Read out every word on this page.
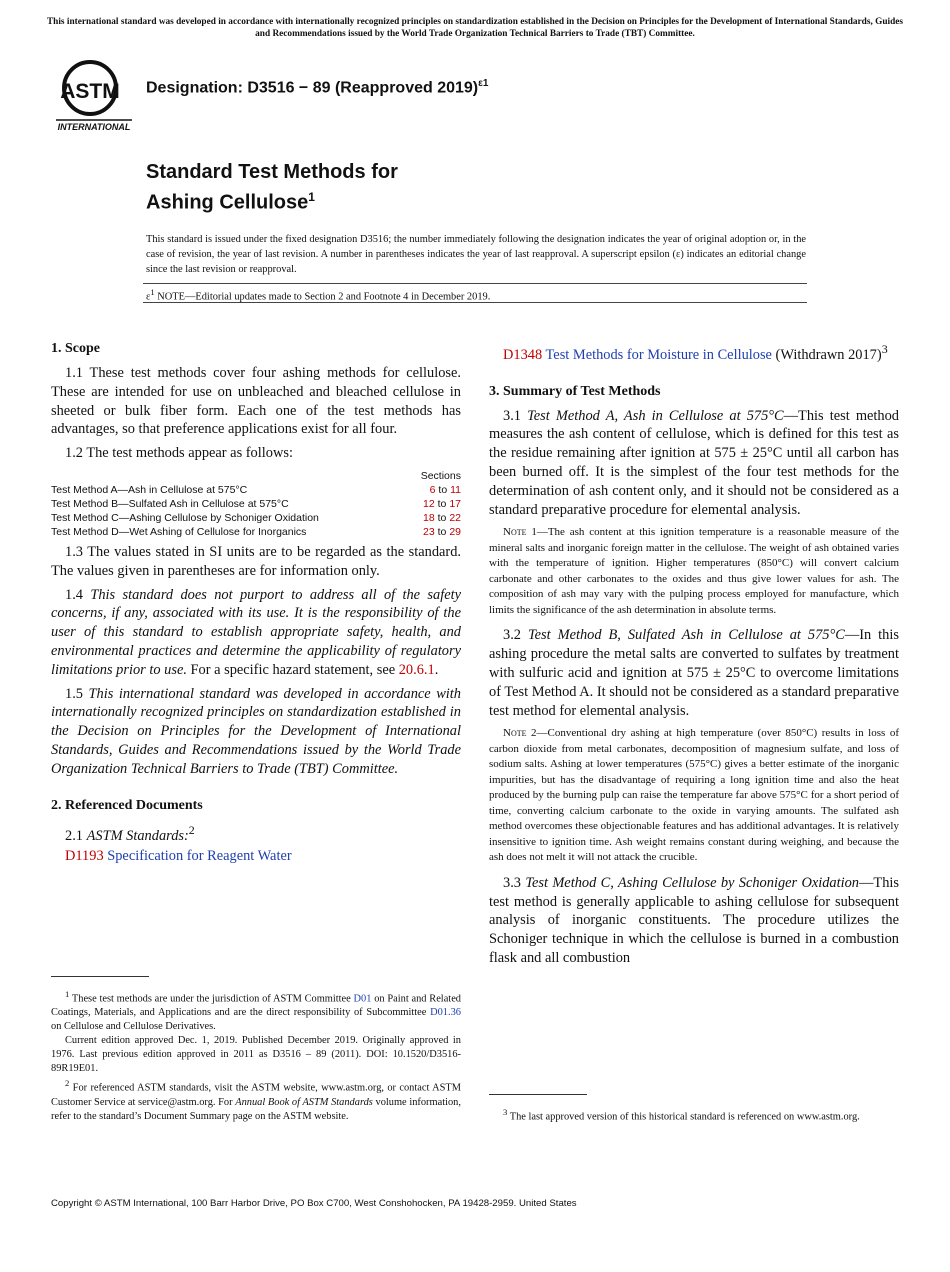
This international standard was developed in accordance with internationally recognized principles on standardization established in the Decision on Principles for the Development of International Standards, Guides and Recommendations issued by the World Trade Organization Technical Barriers to Trade (TBT) Committee.
ASTM
INTERNATIONAL
Designation: D3516 − 89 (Reapproved 2019)$^{\varepsilon 1}$
Standard Test Methods for
Ashing Cellulose$^1$
This standard is issued under the fixed designation D3516; the number immediately following the designation indicates the year of original adoption or, in the case of revision, the year of last revision. A number in parentheses indicates the year of last reapproval. A superscript epsilon (ε) indicates an editorial change since the last revision or reapproval.
$\varepsilon^1$ NOTE—Editorial updates made to Section 2 and Footnote 4 in December 2019.
1. Scope

1.1 These test methods cover four ashing methods for cellulose. These are intended for use on unbleached and bleached cellulose in sheeted or bulk fiber form. Each one of the test methods has advantages, so that preference applications exist for all four.

1.2 The test methods appear as follows:

	Sections
Test Method A—Ash in Cellulose at 575°C	6 to 11
Test Method B—Sulfated Ash in Cellulose at 575°C	12 to 17
Test Method C—Ashing Cellulose by Schoniger Oxidation	18 to 22
Test Method D—Wet Ashing of Cellulose for Inorganics	23 to 29

1.3 The values stated in SI units are to be regarded as the standard. The values given in parentheses are for information only.

1.4 This standard does not purport to address all of the safety concerns, if any, associated with its use. It is the responsibility of the user of this standard to establish appropriate safety, health, and environmental practices and determine the applicability of regulatory limitations prior to use. For a specific hazard statement, see 20.6.1.

1.5 This international standard was developed in accordance with internationally recognized principles on standardization established in the Decision on Principles for the Development of International Standards, Guides and Recommendations issued by the World Trade Organization Technical Barriers to Trade (TBT) Committee.

2. Referenced Documents

2.1 ASTM Standards:$^2$

D1193 Specification for Reagent Water

$^1$ These test methods are under the jurisdiction of ASTM Committee D01 on Paint and Related Coatings, Materials, and Applications and are the direct responsibility of Subcommittee D01.36 on Cellulose and Cellulose Derivatives.

Current edition approved Dec. 1, 2019. Published December 2019. Originally approved in 1976. Last previous edition approved in 2011 as D3516 – 89 (2011). DOI: 10.1520/D3516-89R19E01.

$^2$ For referenced ASTM standards, visit the ASTM website, www.astm.org, or contact ASTM Customer Service at service@astm.org. For Annual Book of ASTM Standards volume information, refer to the standard’s Document Summary page on the ASTM website.

D1348 Test Methods for Moisture in Cellulose (Withdrawn 2017)$^3$

3. Summary of Test Methods

3.1 Test Method A, Ash in Cellulose at 575°C—This test method measures the ash content of cellulose, which is defined for this test as the residue remaining after ignition at 575 ± 25°C until all carbon has been burned off. It is the simplest of the four test methods for the determination of ash content only, and it should not be considered as a standard preparative procedure for elemental analysis.

Note 1—The ash content at this ignition temperature is a reasonable measure of the mineral salts and inorganic foreign matter in the cellulose. The weight of ash obtained varies with the temperature of ignition. Higher temperatures (850°C) will convert calcium carbonate and other carbonates to the oxides and thus give lower values for ash. The composition of ash may vary with the pulping process employed for manufacture, which limits the significance of the ash determination in absolute terms.

3.2 Test Method B, Sulfated Ash in Cellulose at 575°C—In this ashing procedure the metal salts are converted to sulfates by treatment with sulfuric acid and ignition at 575 ± 25°C to overcome limitations of Test Method A. It should not be considered as a standard preparative test method for elemental analysis.

Note 2—Conventional dry ashing at high temperature (over 850°C) results in loss of carbon dioxide from metal carbonates, decomposition of magnesium sulfate, and loss of sodium salts. Ashing at lower temperatures (575°C) gives a better estimate of the inorganic impurities, but has the disadvantage of requiring a long ignition time and also the heat produced by the burning pulp can raise the temperature far above 575°C for a short period of time, converting calcium carbonate to the oxide in varying amounts. The sulfated ash method overcomes these objectionable features and has additional advantages. It is relatively insensitive to ignition time. Ash weight remains constant during weighing, and because the ash does not melt it will not attack the crucible.

3.3 Test Method C, Ashing Cellulose by Schoniger Oxidation—This test method is generally applicable to ashing cellulose for subsequent analysis of inorganic constituents. The procedure utilizes the Schoniger technique in which the cellulose is burned in a combustion flask and all combustion

$^3$ The last approved version of this historical standard is referenced on www.astm.org.

Copyright © ASTM International, 100 Barr Harbor Drive, PO Box C700, West Conshohocken, PA 19428-2959. United States
